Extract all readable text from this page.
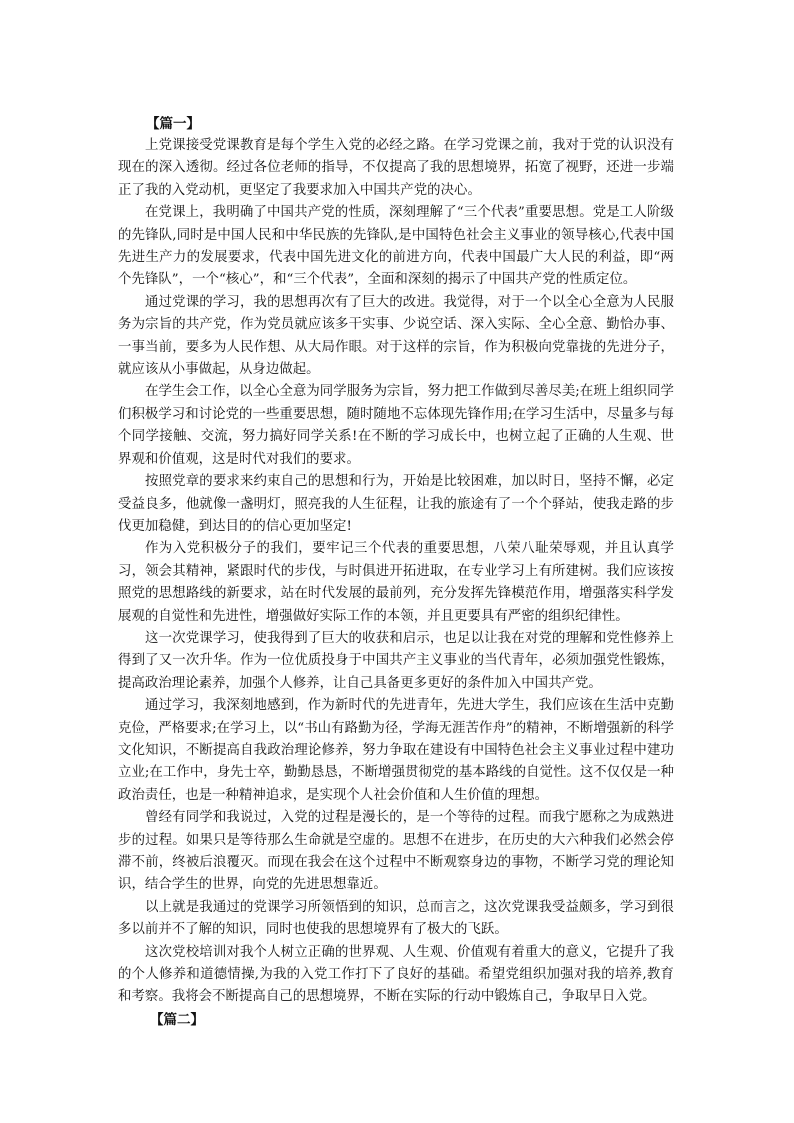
【篇一】

上党课接受党课教育是每个学生入党的必经之路。在学习党课之前，我对于党的认识没有现在的深入透彻。经过各位老师的指导，不仅提高了我的思想境界，拓宽了视野，还进一步端正了我的入党动机，更坚定了我要求加入中国共产党的决心。

在党课上，我明确了中国共产党的性质，深刻理解了“三个代表”重要思想。党是工人阶级的先锋队,同时是中国人民和中华民族的先锋队,是中国特色社会主义事业的领导核心,代表中国先进生产力的发展要求，代表中国先进文化的前进方向，代表中国最广大人民的利益，即“两个先锋队”，一个“核心”，和“三个代表”，全面和深刻的揭示了中国共产党的性质定位。

通过党课的学习，我的思想再次有了巨大的改进。我觉得，对于一个以全心全意为人民服务为宗旨的共产党，作为党员就应该多干实事、少说空话、深入实际、全心全意、勤恰办事、一事当前，要多为人民作想、从大局作眼。对于这样的宗旨，作为积极向党靠拢的先进分子，就应该从小事做起，从身边做起。

在学生会工作，以全心全意为同学服务为宗旨，努力把工作做到尽善尽美;在班上组织同学们积极学习和讨论党的一些重要思想，随时随地不忘体现先锋作用;在学习生活中，尽量多与每个同学接触、交流，努力搞好同学关系!在不断的学习成长中，也树立起了正确的人生观、世界观和价值观，这是时代对我们的要求。

按照党章的要求来约束自己的思想和行为，开始是比较困难，加以时日，坚持不懈，必定受益良多，他就像一盏明灯，照亮我的人生征程，让我的旅途有了一个个驿站，使我走路的步伐更加稳健，到达目的的信心更加坚定!

作为入党积极分子的我们，要牢记三个代表的重要思想，八荣八耻荣辱观，并且认真学习，领会其精神，紧跟时代的步伐，与时俱进开拓进取，在专业学习上有所建树。我们应该按照党的思想路线的新要求，站在时代发展的最前列，充分发挥先锋模范作用，增强落实科学发展观的自觉性和先进性，增强做好实际工作的本领，并且更要具有严密的组织纪律性。

这一次党课学习，使我得到了巨大的收获和启示，也足以让我在对党的理解和党性修养上得到了又一次升华。作为一位优质投身于中国共产主义事业的当代青年，必须加强党性锻炼，提高政治理论素养，加强个人修养，让自己具备更多更好的条件加入中国共产党。

通过学习，我深刻地感到，作为新时代的先进青年，先进大学生，我们应该在生活中克勤克俭，严格要求;在学习上，以“书山有路勤为径，学海无涯苦作舟”的精神，不断增强新的科学文化知识，不断提高自我政治理论修养，努力争取在建设有中国特色社会主义事业过程中建功立业;在工作中，身先士卒，勤勤恳恳，不断增强贯彻党的基本路线的自觉性。这不仅仅是一种政治责任，也是一种精神追求，是实现个人社会价值和人生价值的理想。

曾经有同学和我说过，入党的过程是漫长的，是一个等待的过程。而我宁愿称之为成熟进步的过程。如果只是等待那么生命就是空虚的。思想不在进步，在历史的大六种我们必然会停滞不前，终被后浪覆灭。而现在我会在这个过程中不断观察身边的事物，不断学习党的理论知识，结合学生的世界，向党的先进思想靠近。

以上就是我通过的党课学习所领悟到的知识，总而言之，这次党课我受益颇多，学习到很多以前并不了解的知识，同时也使我的思想境界有了极大的飞跃。

这次党校培训对我个人树立正确的世界观、人生观、价值观有着重大的意义，它提升了我的个人修养和道德情操,为我的入党工作打下了良好的基础。希望党组织加强对我的培养,教育和考察。我将会不断提高自己的思想境界，不断在实际的行动中锻炼自己，争取早日入党。

【篇二】
